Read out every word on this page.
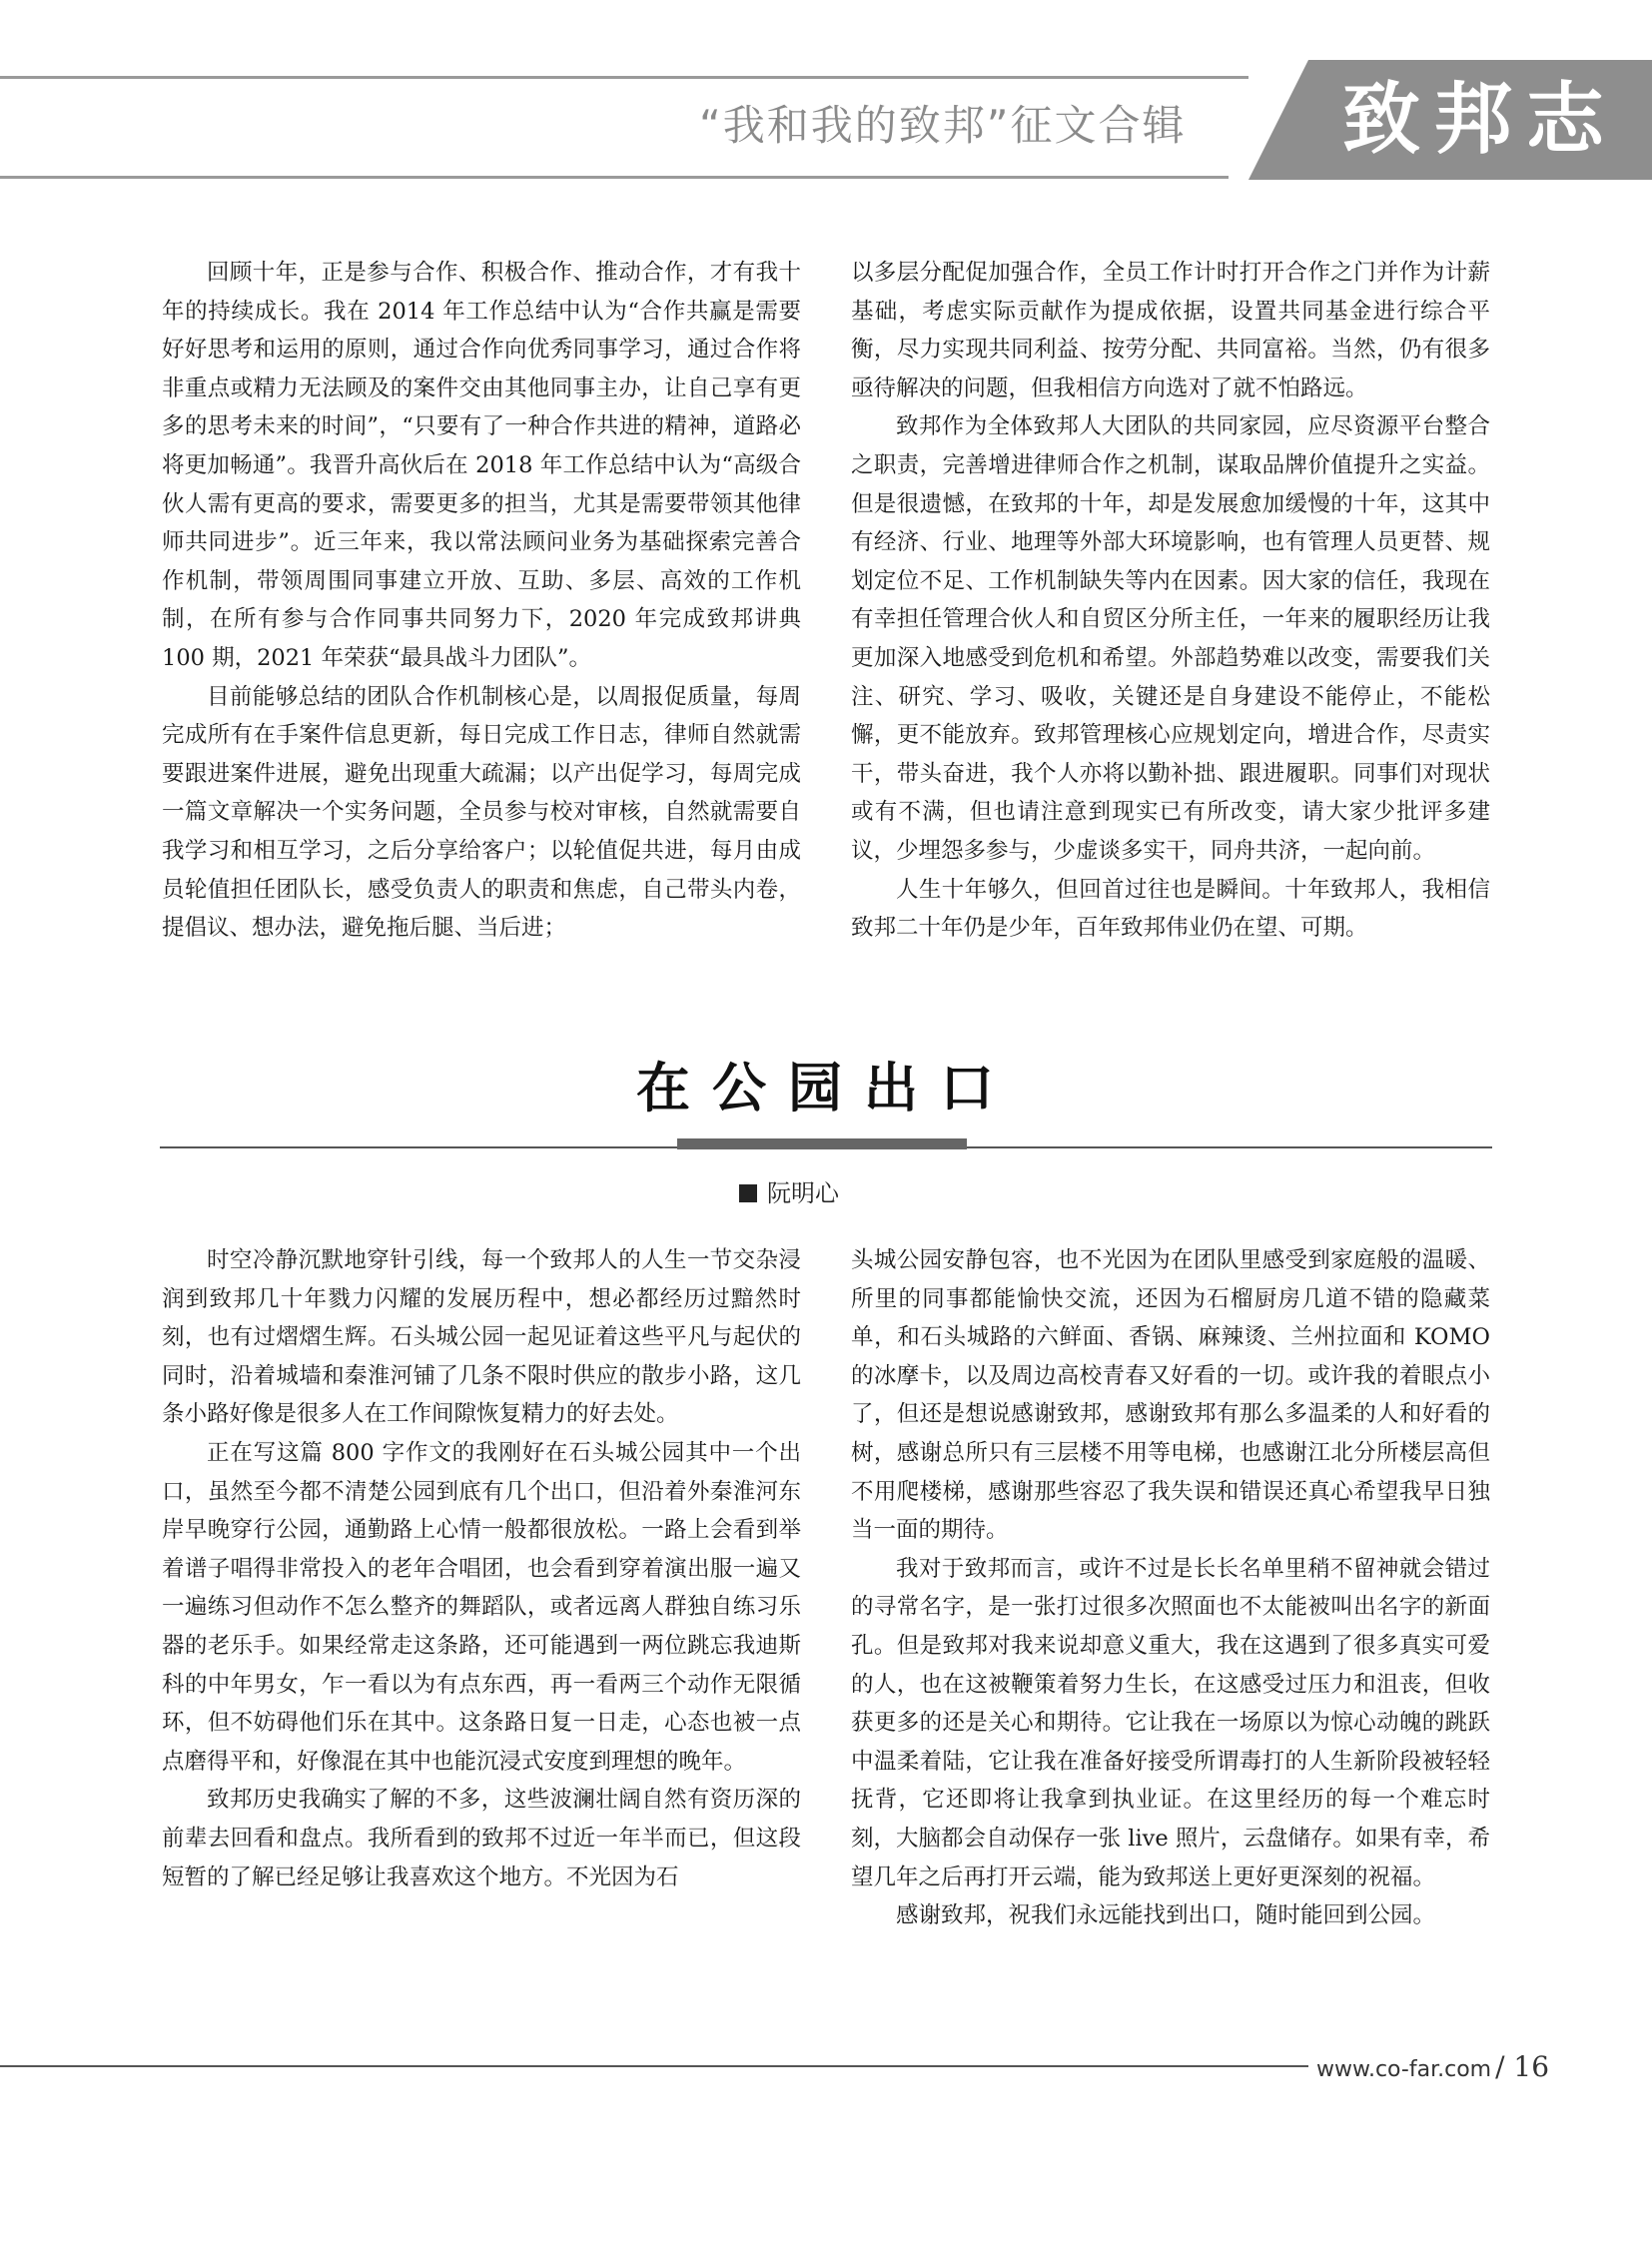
“我和我的致邦”征文合辑	致邦志

回顾十年，正是参与合作、积极合作、推动合作，才有我十年的持续成长。我在 2014 年工作总结中认为“合作共赢是需要好好思考和运用的原则，通过合作向优秀同事学习，通过合作将非重点或精力无法顾及的案件交由其他同事主办，让自己享有更多的思考未来的时间”，“只要有了一种合作共进的精神，道路必将更加畅通”。我晋升高伙后在 2018 年工作总结中认为“高级合伙人需有更高的要求，需要更多的担当，尤其是需要带领其他律师共同进步”。近三年来，我以常法顾问业务为基础探索完善合作机制，带领周围同事建立开放、互助、多层、高效的工作机制，在所有参与合作同事共同努力下，2020 年完成致邦讲典 100 期，2021 年荣获“最具战斗力团队”。

目前能够总结的团队合作机制核心是，以周报促质量，每周完成所有在手案件信息更新，每日完成工作日志，律师自然就需要跟进案件进展，避免出现重大疏漏；以产出促学习，每周完成一篇文章解决一个实务问题，全员参与校对审核，自然就需要自我学习和相互学习，之后分享给客户；以轮值促共进，每月由成员轮值担任团队长，感受负责人的职责和焦虑，自己带头内卷，提倡议、想办法，避免拖后腿、当后进；

以多层分配促加强合作，全员工作计时打开合作之门并作为计薪基础，考虑实际贡献作为提成依据，设置共同基金进行综合平衡，尽力实现共同利益、按劳分配、共同富裕。当然，仍有很多亟待解决的问题，但我相信方向选对了就不怕路远。

致邦作为全体致邦人大团队的共同家园，应尽资源平台整合之职责，完善增进律师合作之机制，谋取品牌价值提升之实益。但是很遗憾，在致邦的十年，却是发展愈加缓慢的十年，这其中有经济、行业、地理等外部大环境影响，也有管理人员更替、规划定位不足、工作机制缺失等内在因素。因大家的信任，我现在有幸担任管理合伙人和自贸区分所主任，一年来的履职经历让我更加深入地感受到危机和希望。外部趋势难以改变，需要我们关注、研究、学习、吸收，关键还是自身建设不能停止，不能松懈，更不能放弃。致邦管理核心应规划定向，增进合作，尽责实干，带头奋进，我个人亦将以勤补拙、跟进履职。同事们对现状或有不满，但也请注意到现实已有所改变，请大家少批评多建议，少埋怨多参与，少虚谈多实干，同舟共济，一起向前。

人生十年够久，但回首过往也是瞬间。十年致邦人，我相信致邦二十年仍是少年，百年致邦伟业仍在望、可期。

在公园出口
阮明心

时空冷静沉默地穿针引线，每一个致邦人的人生一节交杂浸润到致邦几十年戮力闪耀的发展历程中，想必都经历过黯然时刻，也有过熠熠生辉。石头城公园一起见证着这些平凡与起伏的同时，沿着城墙和秦淮河铺了几条不限时供应的散步小路，这几条小路好像是很多人在工作间隙恢复精力的好去处。

正在写这篇 800 字作文的我刚好在石头城公园其中一个出口，虽然至今都不清楚公园到底有几个出口，但沿着外秦淮河东岸早晚穿行公园，通勤路上心情一般都很放松。一路上会看到举着谱子唱得非常投入的老年合唱团，也会看到穿着演出服一遍又一遍练习但动作不怎么整齐的舞蹈队，或者远离人群独自练习乐器的老乐手。如果经常走这条路，还可能遇到一两位跳忘我迪斯科的中年男女，乍一看以为有点东西，再一看两三个动作无限循环，但不妨碍他们乐在其中。这条路日复一日走，心态也被一点点磨得平和，好像混在其中也能沉浸式安度到理想的晚年。

致邦历史我确实了解的不多，这些波澜壮阔自然有资历深的前辈去回看和盘点。我所看到的致邦不过近一年半而已，但这段短暂的了解已经足够让我喜欢这个地方。不光因为石

头城公园安静包容，也不光因为在团队里感受到家庭般的温暖、所里的同事都能愉快交流，还因为石榴厨房几道不错的隐藏菜单，和石头城路的六鲜面、香锅、麻辣烫、兰州拉面和 KOMO 的冰摩卡，以及周边高校青春又好看的一切。或许我的着眼点小了，但还是想说感谢致邦，感谢致邦有那么多温柔的人和好看的树，感谢总所只有三层楼不用等电梯，也感谢江北分所楼层高但不用爬楼梯，感谢那些容忍了我失误和错误还真心希望我早日独当一面的期待。

我对于致邦而言，或许不过是长长名单里稍不留神就会错过的寻常名字，是一张打过很多次照面也不太能被叫出名字的新面孔。但是致邦对我来说却意义重大，我在这遇到了很多真实可爱的人，也在这被鞭策着努力生长，在这感受过压力和沮丧，但收获更多的还是关心和期待。它让我在一场原以为惊心动魄的跳跃中温柔着陆，它让我在准备好接受所谓毒打的人生新阶段被轻轻抚背，它还即将让我拿到执业证。在这里经历的每一个难忘时刻，大脑都会自动保存一张 live 照片，云盘储存。如果有幸，希望几年之后再打开云端，能为致邦送上更好更深刻的祝福。

感谢致邦，祝我们永远能找到出口，随时能回到公园。

www.co-far.com / 16
